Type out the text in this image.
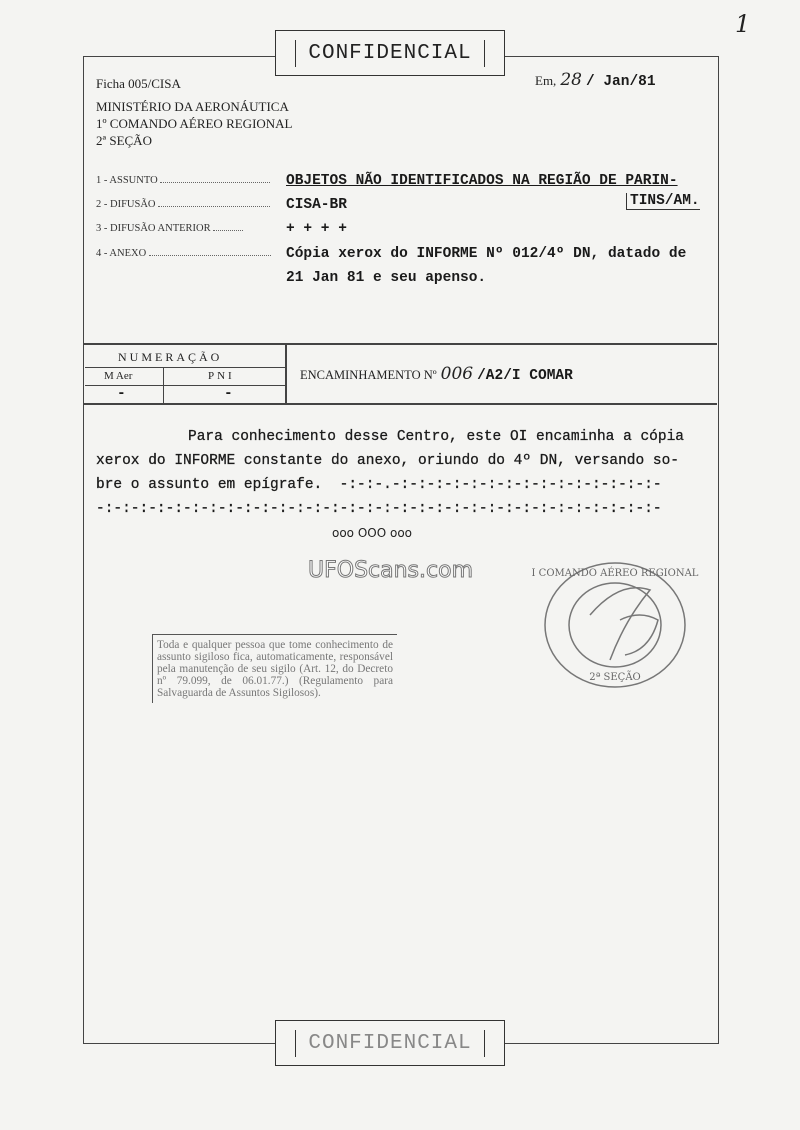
1
CONFIDENCIAL
CONFIDENCIAL
Ficha 005/CISA	Em, 28 / Jan/81
MINISTÉRIO DA AERONÁUTICA
1º COMANDO AÉREO REGIONAL
2ª SEÇÃO
1 - ASSUNTO	OBJETOS NÃO IDENTIFICADOS NA REGIÃO DE PARIN-
TINS/AM.
2 - DIFUSÃO	CISA-BR
3 - DIFUSÃO ANTERIOR	+ + + +
4 - ANEXO	Cópia xerox do INFORME Nº 012/4º DN, datado de
21 Jan 81 e seu apenso.
NUMERAÇÃO
M Aer	PNI
-	-
ENCAMINHAMENTO Nº 006 /A2/I COMAR
Para conhecimento desse Centro, este OI encaminha a cópia
xerox do INFORME constante do anexo, oriundo do 4º DN, versando so-
bre o assunto em epígrafe.  -:-:-.-:-:-:-:-:-:-:-:-:-:-:-:-:-:-:-
-:-:-:-:-:-:-:-:-:-:-:-:-:-:-:-:-:-:-:-:-:-:-:-:-:-:-:-:-:-:-:-:-
ooo OOO ooo
UFOScans.com	I COMANDO AÉREO REGIONAL
2ª SEÇÃO
Toda e qualquer pessoa que tome conhecimento de assunto sigiloso fica, automaticamente, responsável pela manutenção de seu sigilo (Art. 12, do Decreto nº 79.099, de 06.01.77.) (Regulamento para Salvaguarda de Assuntos Sigilosos).
